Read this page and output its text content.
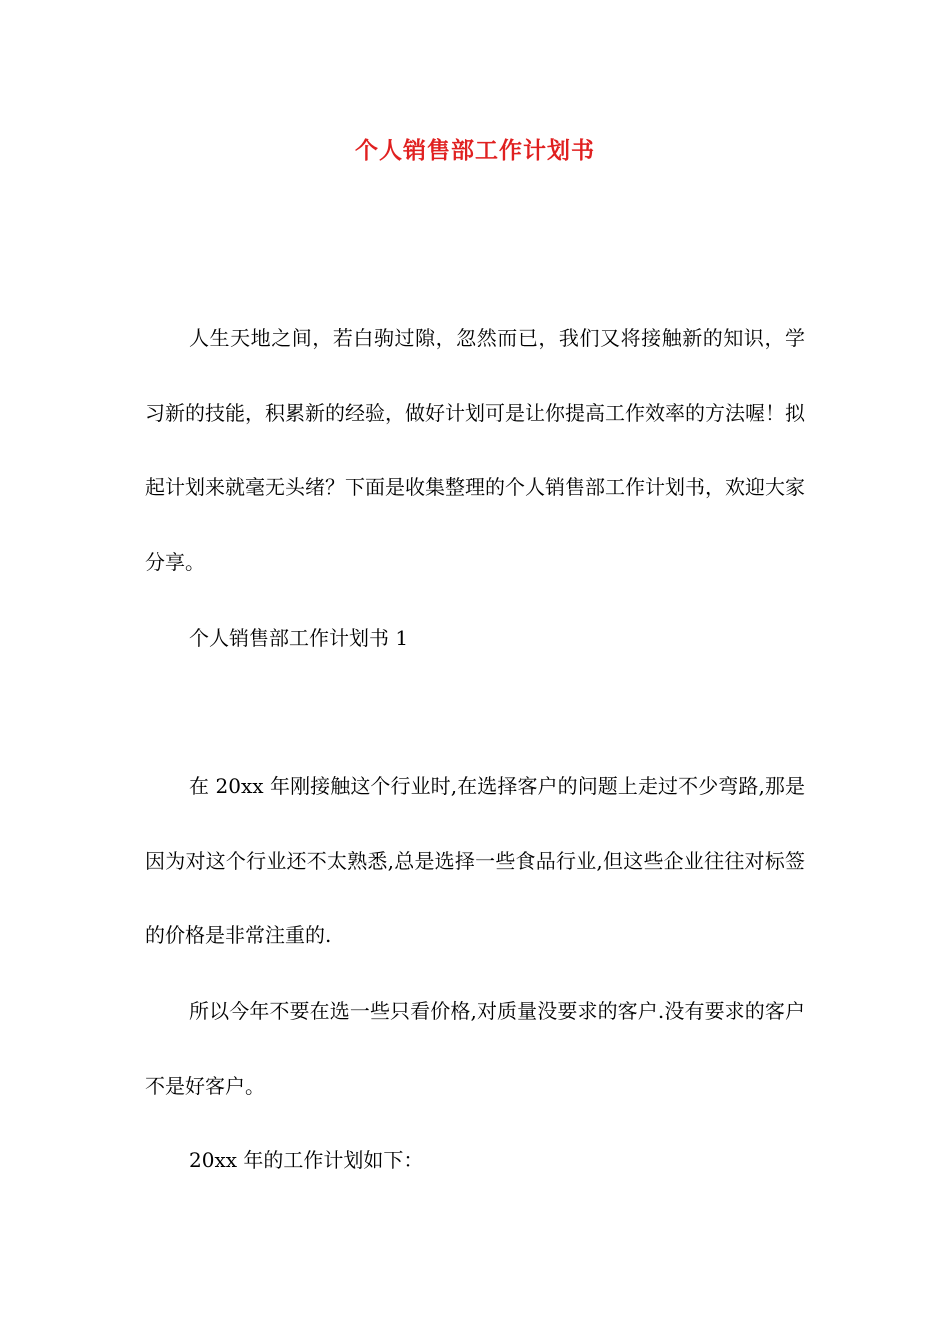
个人销售部工作计划书

人生天地之间，若白驹过隙，忽然而已，我们又将接触新的知识，学习新的技能，积累新的经验，做好计划可是让你提高工作效率的方法喔！拟起计划来就毫无头绪？下面是收集整理的个人销售部工作计划书，欢迎大家分享。

个人销售部工作计划书 1

在 20xx 年刚接触这个行业时,在选择客户的问题上走过不少弯路,那是因为对这个行业还不太熟悉,总是选择一些食品行业,但这些企业往往对标签的价格是非常注重的.

所以今年不要在选一些只看价格,对质量没要求的客户.没有要求的客户不是好客户。

20xx 年的工作计划如下：
